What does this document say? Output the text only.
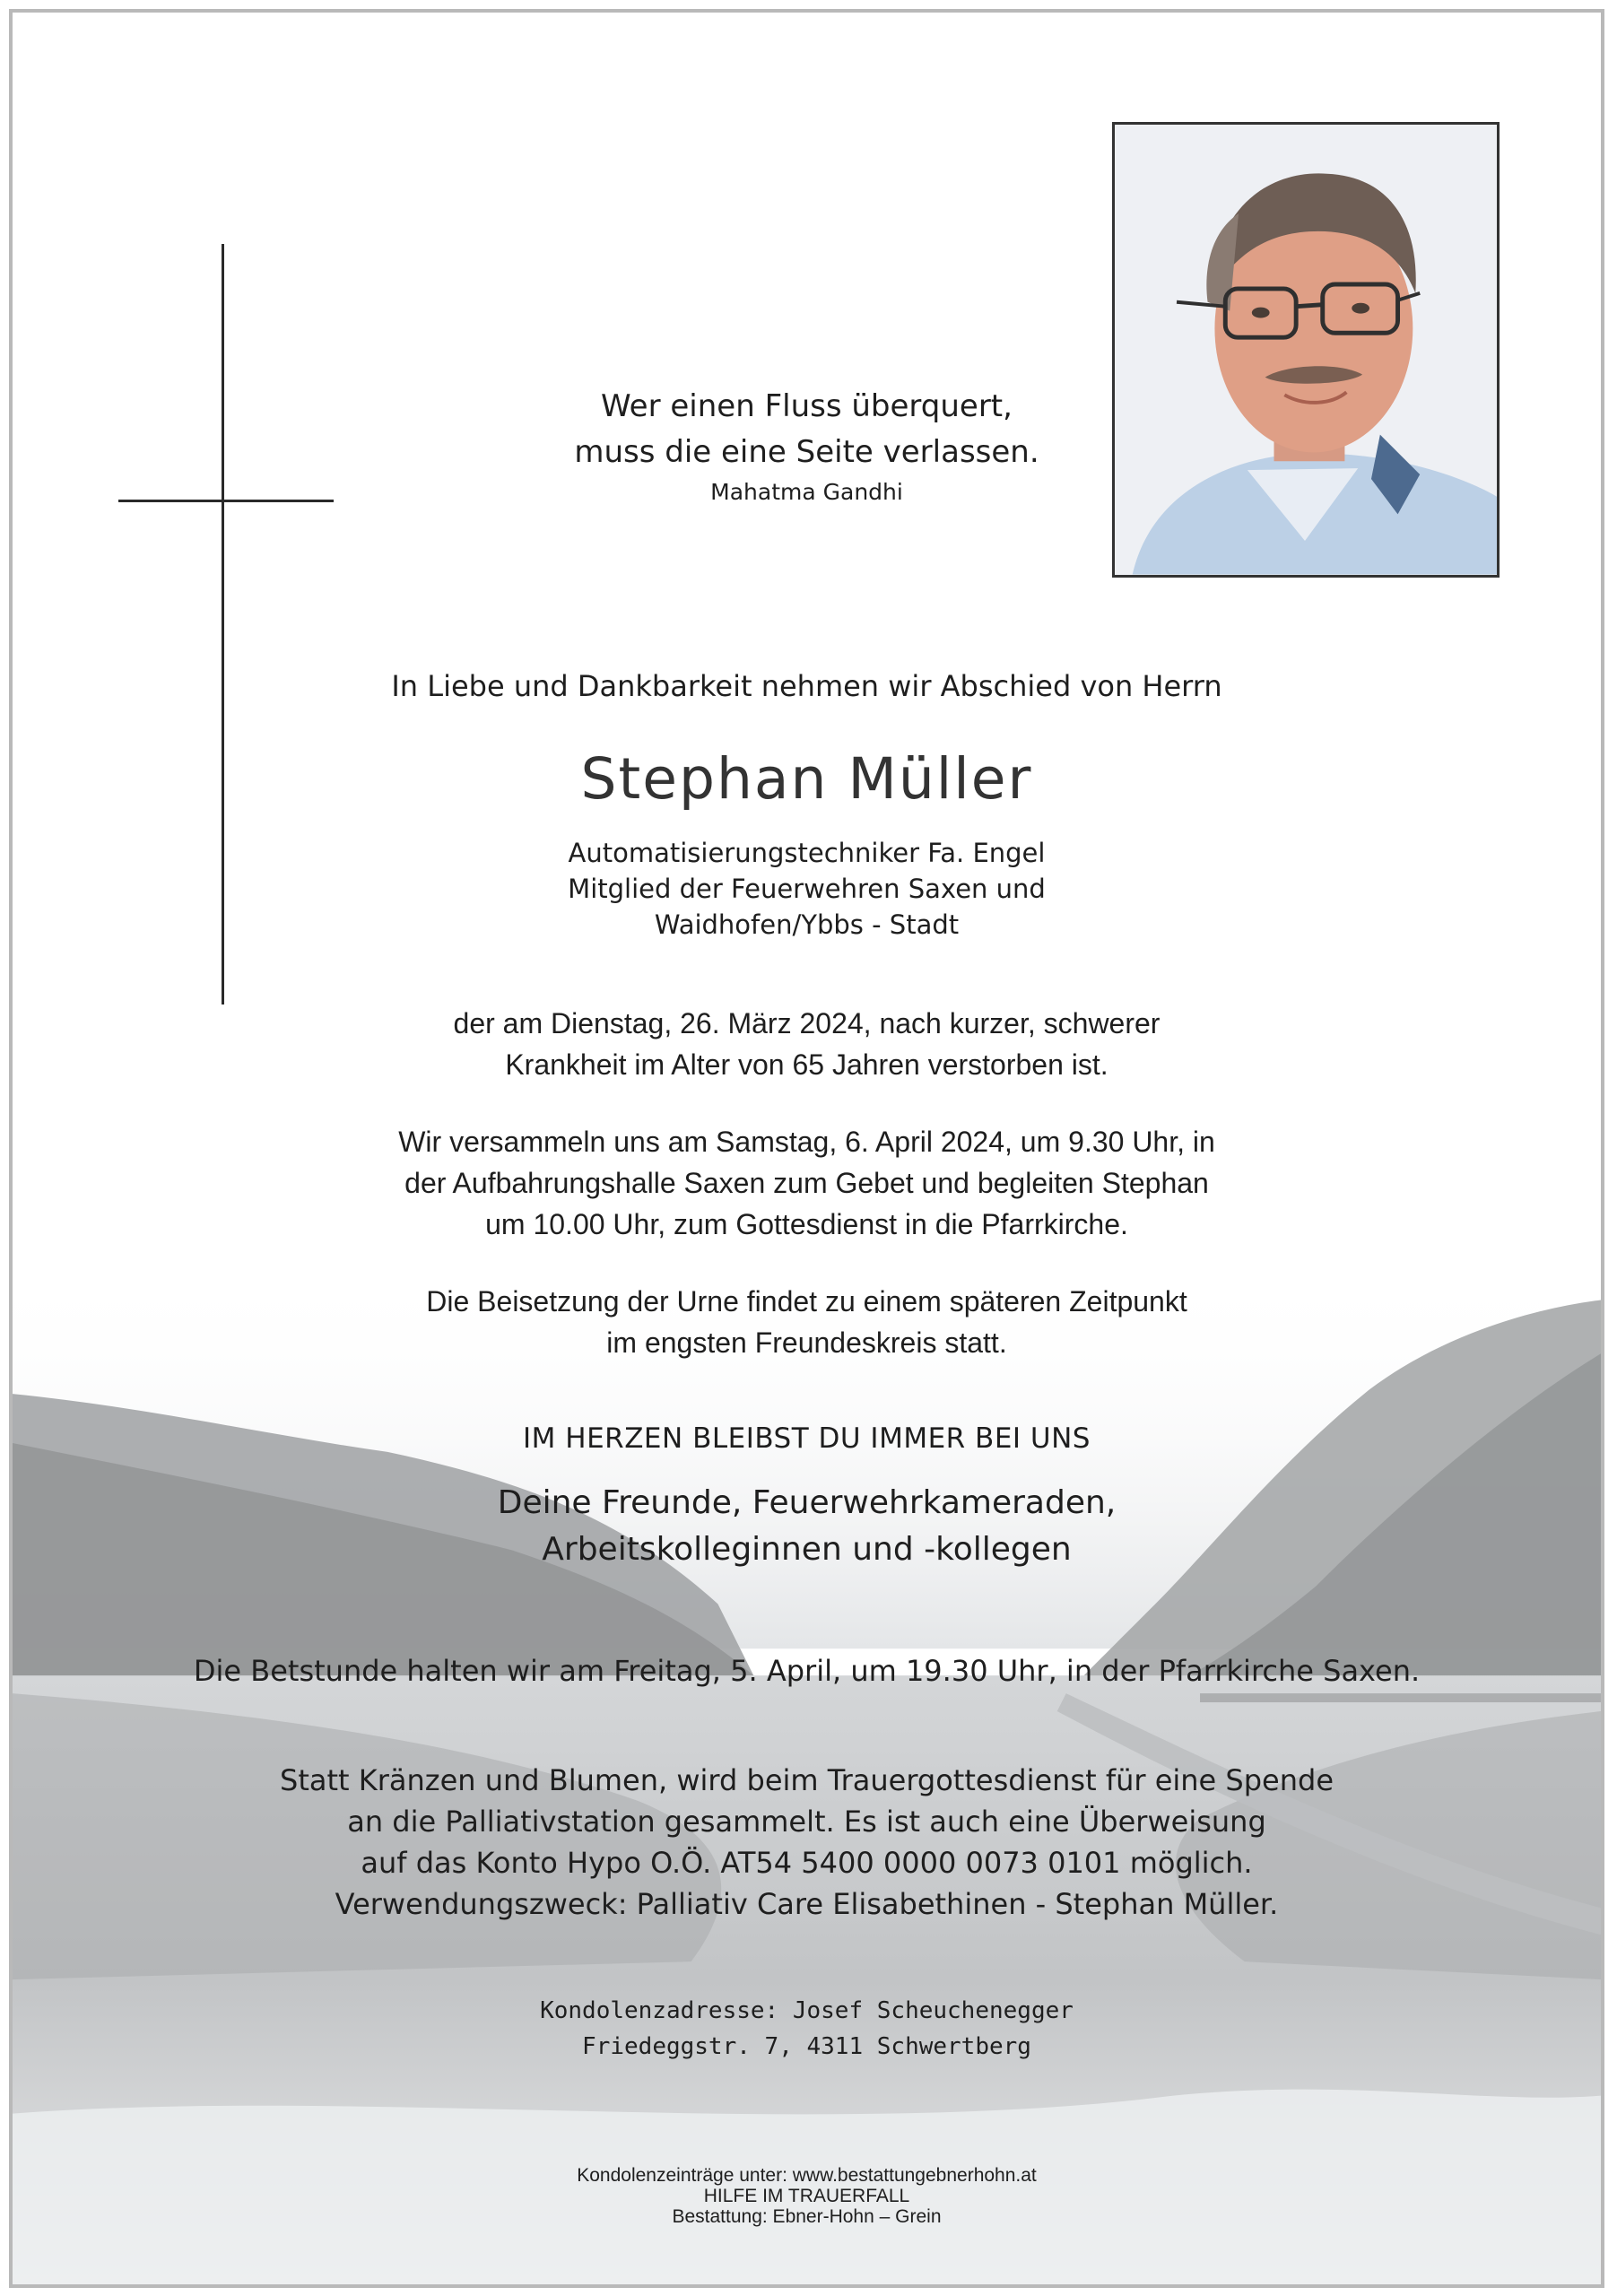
Wer einen Fluss überquert,
muss die eine Seite verlassen.
Mahatma Gandhi
In Liebe und Dankbarkeit nehmen wir Abschied von Herrn
Stephan Müller
Automatisierungstechniker Fa. Engel
Mitglied der Feuerwehren Saxen und
Waidhofen/Ybbs - Stadt
der am Dienstag, 26. März 2024, nach kurzer, schwerer
Krankheit im Alter von 65 Jahren verstorben ist.
Wir versammeln uns am Samstag, 6. April 2024, um 9.30 Uhr, in
der Aufbahrungshalle Saxen zum Gebet und begleiten Stephan
um 10.00 Uhr, zum Gottesdienst in die Pfarrkirche.
Die Beisetzung der Urne findet zu einem späteren Zeitpunkt
im engsten Freundeskreis statt.
IM HERZEN BLEIBST DU IMMER BEI UNS
Deine Freunde, Feuerwehrkameraden,
Arbeitskolleginnen und -kollegen
Die Betstunde halten wir am Freitag, 5. April, um 19.30 Uhr, in der Pfarrkirche Saxen.
Statt Kränzen und Blumen, wird beim Trauergottesdienst für eine Spende
an die Palliativstation gesammelt. Es ist auch eine Überweisung
auf das Konto Hypo O.Ö. AT54 5400 0000 0073 0101 möglich.
Verwendungszweck: Palliativ Care Elisabethinen - Stephan Müller.
Kondolenzadresse: Josef Scheuchenegger
Friedeggstr. 7, 4311 Schwertberg
Kondolenzeinträge unter: www.bestattungebnerhohn.at
HILFE IM TRAUERFALL
Bestattung: Ebner-Hohn – Grein
